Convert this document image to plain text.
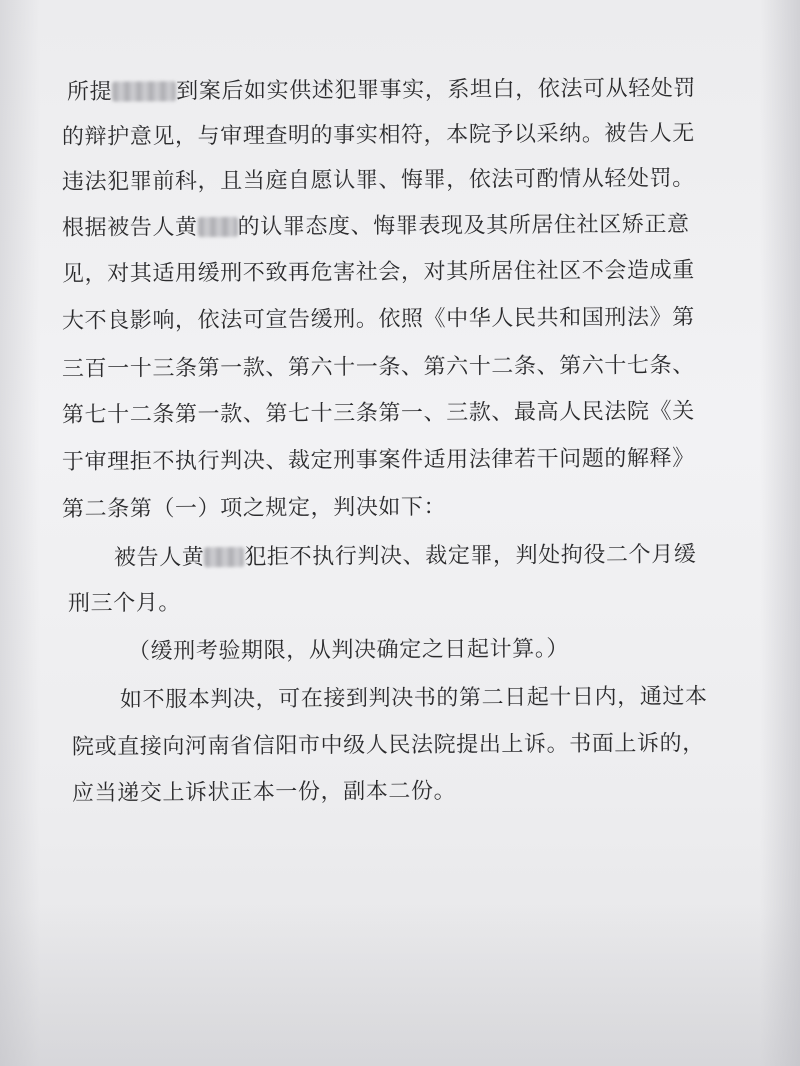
所提	到案后如实供述犯罪事实，系坦白，依法可从轻处罚
的辩护意见，与审理查明的事实相符，本院予以采纳。被告人无
违法犯罪前科，且当庭自愿认罪、悔罪，依法可酌情从轻处罚。
根据被告人黄 的认罪态度、悔罪表现及其所居住社区矫正意
见，对其适用缓刑不致再危害社会，对其所居住社区不会造成重
大不良影响，依法可宣告缓刑。依照《中华人民共和国刑法》第
三百一十三条第一款、第六十一条、第六十二条、第六十七条、
第七十二条第一款、第七十三条第一、三款、最高人民法院《关
于审理拒不执行判决、裁定刑事案件适用法律若干问题的解释》
第二条第（一）项之规定，判决如下：
被告人黄 犯拒不执行判决、裁定罪，判处拘役二个月缓
刑三个月。
（缓刑考验期限，从判决确定之日起计算。）
如不服本判决，可在接到判决书的第二日起十日内，通过本
院或直接向河南省信阳市中级人民法院提出上诉。书面上诉的，
应当递交上诉状正本一份，副本二份。
